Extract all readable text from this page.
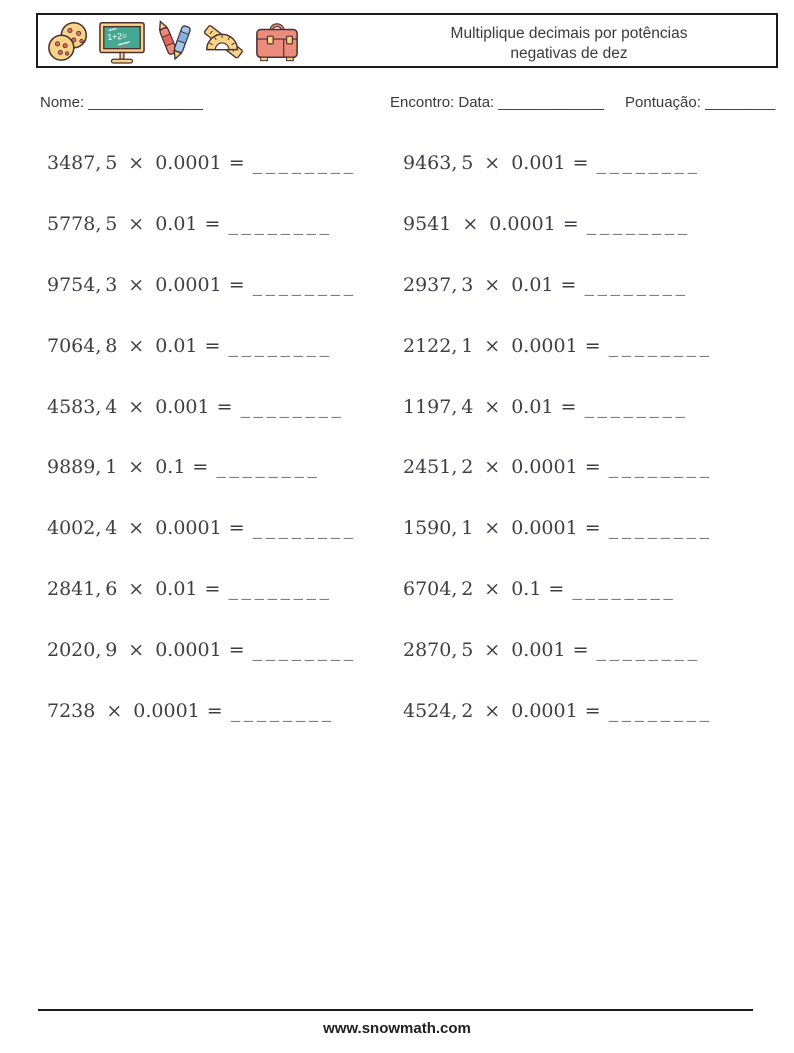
1+2=	Multiplique decimais por potências negativas de dez
Nome: _____________	Encontro: Data: ____________ Pontuação: ________
3487, 5 × 0.0001 = ________
5778, 5 × 0.01 = ________
9754, 3 × 0.0001 = ________
7064, 8 × 0.01 = ________
4583, 4 × 0.001 = ________
9889, 1 × 0.1 = ________
4002, 4 × 0.0001 = ________
2841, 6 × 0.01 = ________
2020, 9 × 0.0001 = ________
7238 × 0.0001 = ________
9463, 5 × 0.001 = ________
9541 × 0.0001 = ________
2937, 3 × 0.01 = ________
2122, 1 × 0.0001 = ________
1197, 4 × 0.01 = ________
2451, 2 × 0.0001 = ________
1590, 1 × 0.0001 = ________
6704, 2 × 0.1 = ________
2870, 5 × 0.001 = ________
4524, 2 × 0.0001 = ________
www.snowmath.com
